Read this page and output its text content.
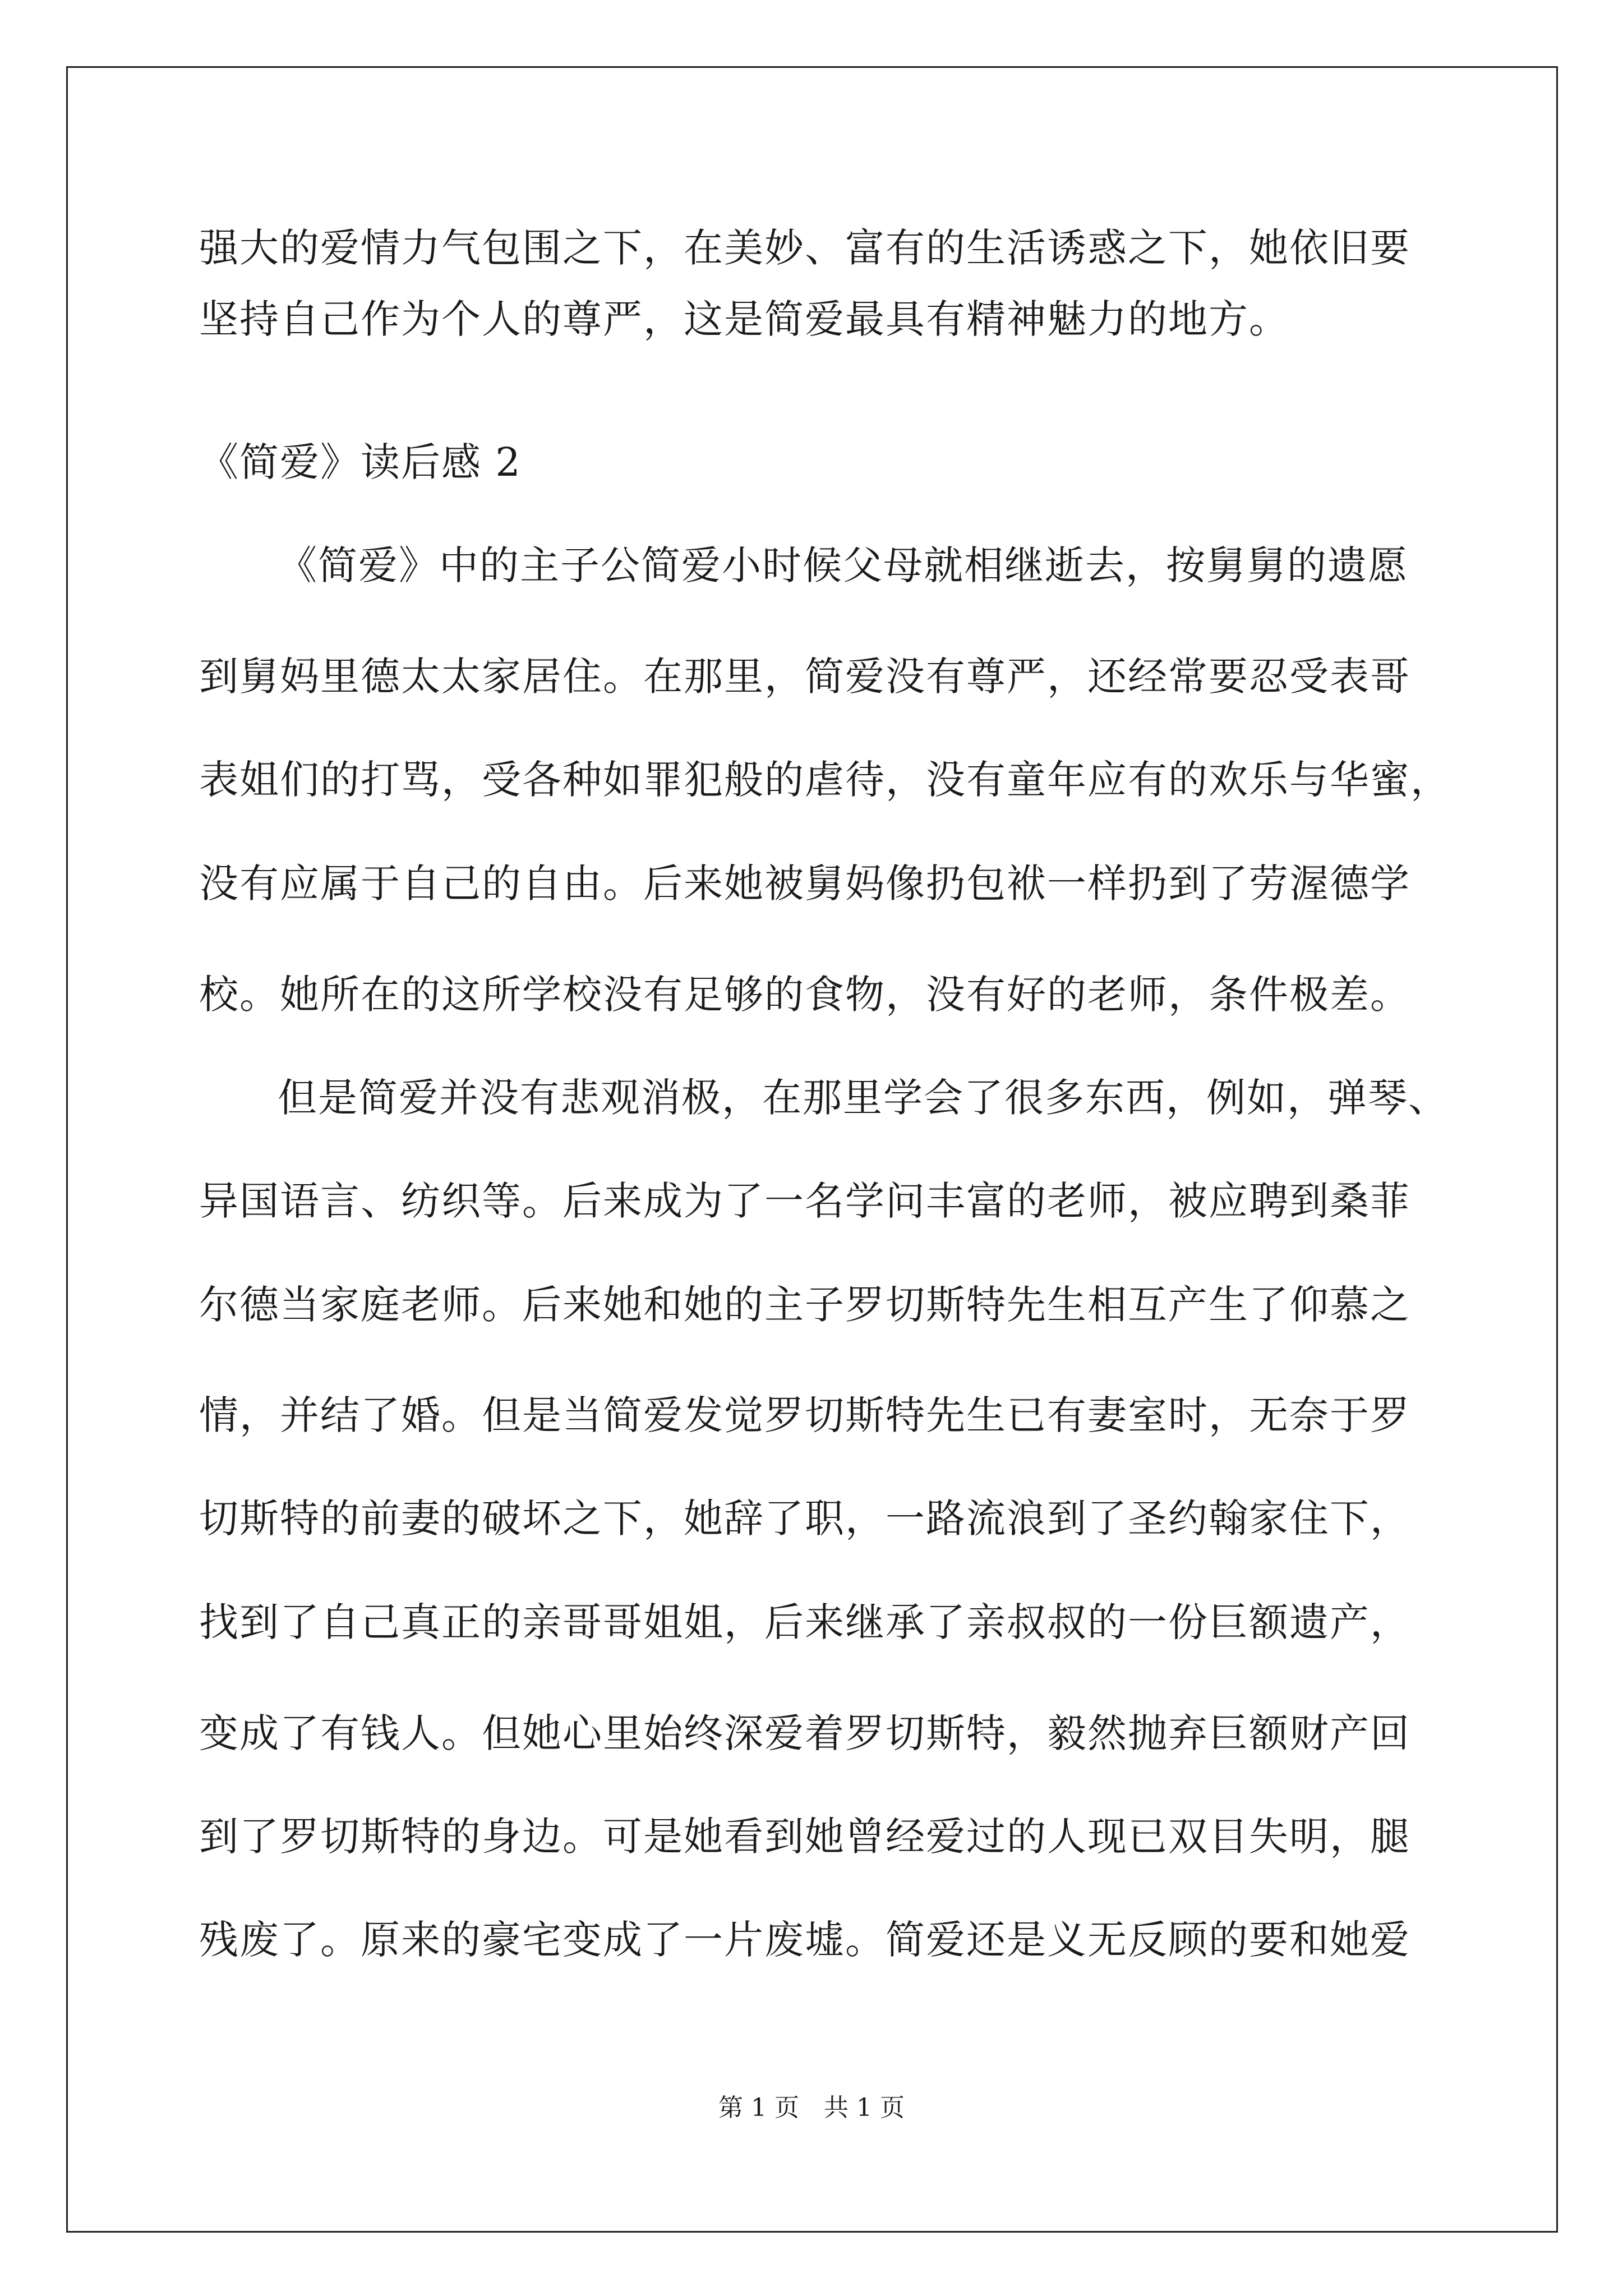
强大的爱情力气包围之下，在美妙、富有的生活诱惑之下，她依旧要
坚持自己作为个人的尊严，这是简爱最具有精神魅力的地方。
《简爱》读后感 2
《简爱》中的主子公简爱小时候父母就相继逝去，按舅舅的遗愿
到舅妈里德太太家居住。在那里，简爱没有尊严，还经常要忍受表哥
表姐们的打骂，受各种如罪犯般的虐待，没有童年应有的欢乐与华蜜，
没有应属于自己的自由。后来她被舅妈像扔包袱一样扔到了劳渥德学
校。她所在的这所学校没有足够的食物，没有好的老师，条件极差。
但是简爱并没有悲观消极，在那里学会了很多东西，例如，弹琴、
异国语言、纺织等。后来成为了一名学问丰富的老师，被应聘到桑菲
尔德当家庭老师。后来她和她的主子罗切斯特先生相互产生了仰慕之
情，并结了婚。但是当简爱发觉罗切斯特先生已有妻室时，无奈于罗
切斯特的前妻的破坏之下，她辞了职，一路流浪到了圣约翰家住下，
找到了自己真正的亲哥哥姐姐，后来继承了亲叔叔的一份巨额遗产，
变成了有钱人。但她心里始终深爱着罗切斯特，毅然抛弃巨额财产回
到了罗切斯特的身边。可是她看到她曾经爱过的人现已双目失明，腿
残废了。原来的豪宅变成了一片废墟。简爱还是义无反顾的要和她爱
第 1 页　共 1 页
